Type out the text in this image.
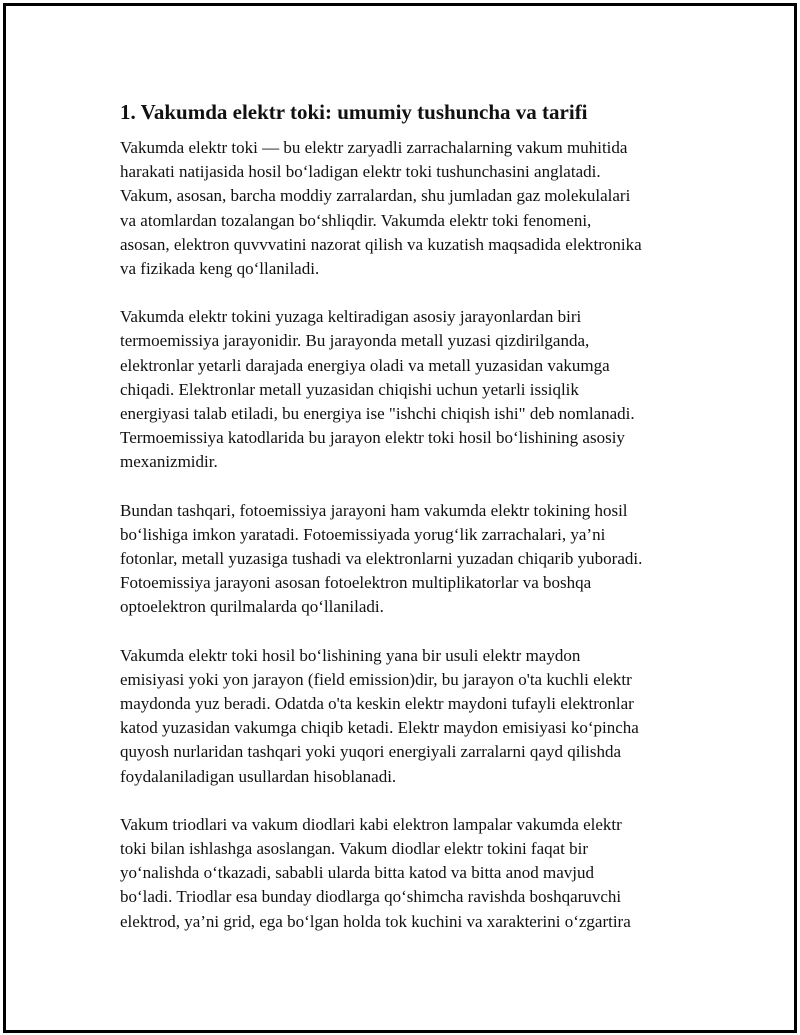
1. Vakumda elektr toki: umumiy tushuncha va tarifi
Vakumda elektr toki — bu elektr zaryadli zarrachalarning vakum muhitida
harakati natijasida hosil bo‘ladigan elektr toki tushunchasini anglatadi.
Vakum, asosan, barcha moddiy zarralardan, shu jumladan gaz molekulalari
va atomlardan tozalangan bo‘shliqdir. Vakumda elektr toki fenomeni,
asosan, elektron quvvvatini nazorat qilish va kuzatish maqsadida elektronika
va fizikada keng qo‘llaniladi.
Vakumda elektr tokini yuzaga keltiradigan asosiy jarayonlardan biri
termoemissiya jarayonidir. Bu jarayonda metall yuzasi qizdirilganda,
elektronlar yetarli darajada energiya oladi va metall yuzasidan vakumga
chiqadi. Elektronlar metall yuzasidan chiqishi uchun yetarli issiqlik
energiyasi talab etiladi, bu energiya ise "ishchi chiqish ishi" deb nomlanadi.
Termoemissiya katodlarida bu jarayon elektr toki hosil bo‘lishining asosiy
mexanizmidir.
Bundan tashqari, fotoemissiya jarayoni ham vakumda elektr tokining hosil
bo‘lishiga imkon yaratadi. Fotoemissiyada yorug‘lik zarrachalari, ya’ni
fotonlar, metall yuzasiga tushadi va elektronlarni yuzadan chiqarib yuboradi.
Fotoemissiya jarayoni asosan fotoelektron multiplikatorlar va boshqa
optoelektron qurilmalarda qo‘llaniladi.
Vakumda elektr toki hosil bo‘lishining yana bir usuli elektr maydon
emisiyasi yoki yon jarayon (field emission)dir, bu jarayon o'ta kuchli elektr
maydonda yuz beradi. Odatda o'ta keskin elektr maydoni tufayli elektronlar
katod yuzasidan vakumga chiqib ketadi. Elektr maydon emisiyasi ko‘pincha
quyosh nurlaridan tashqari yoki yuqori energiyali zarralarni qayd qilishda
foydalaniladigan usullardan hisoblanadi.
Vakum triodlari va vakum diodlari kabi elektron lampalar vakumda elektr
toki bilan ishlashga asoslangan. Vakum diodlar elektr tokini faqat bir
yo‘nalishda o‘tkazadi, sababli ularda bitta katod va bitta anod mavjud
bo‘ladi. Triodlar esa bunday diodlarga qo‘shimcha ravishda boshqaruvchi
elektrod, ya’ni grid, ega bo‘lgan holda tok kuchini va xarakterini o‘zgartira
